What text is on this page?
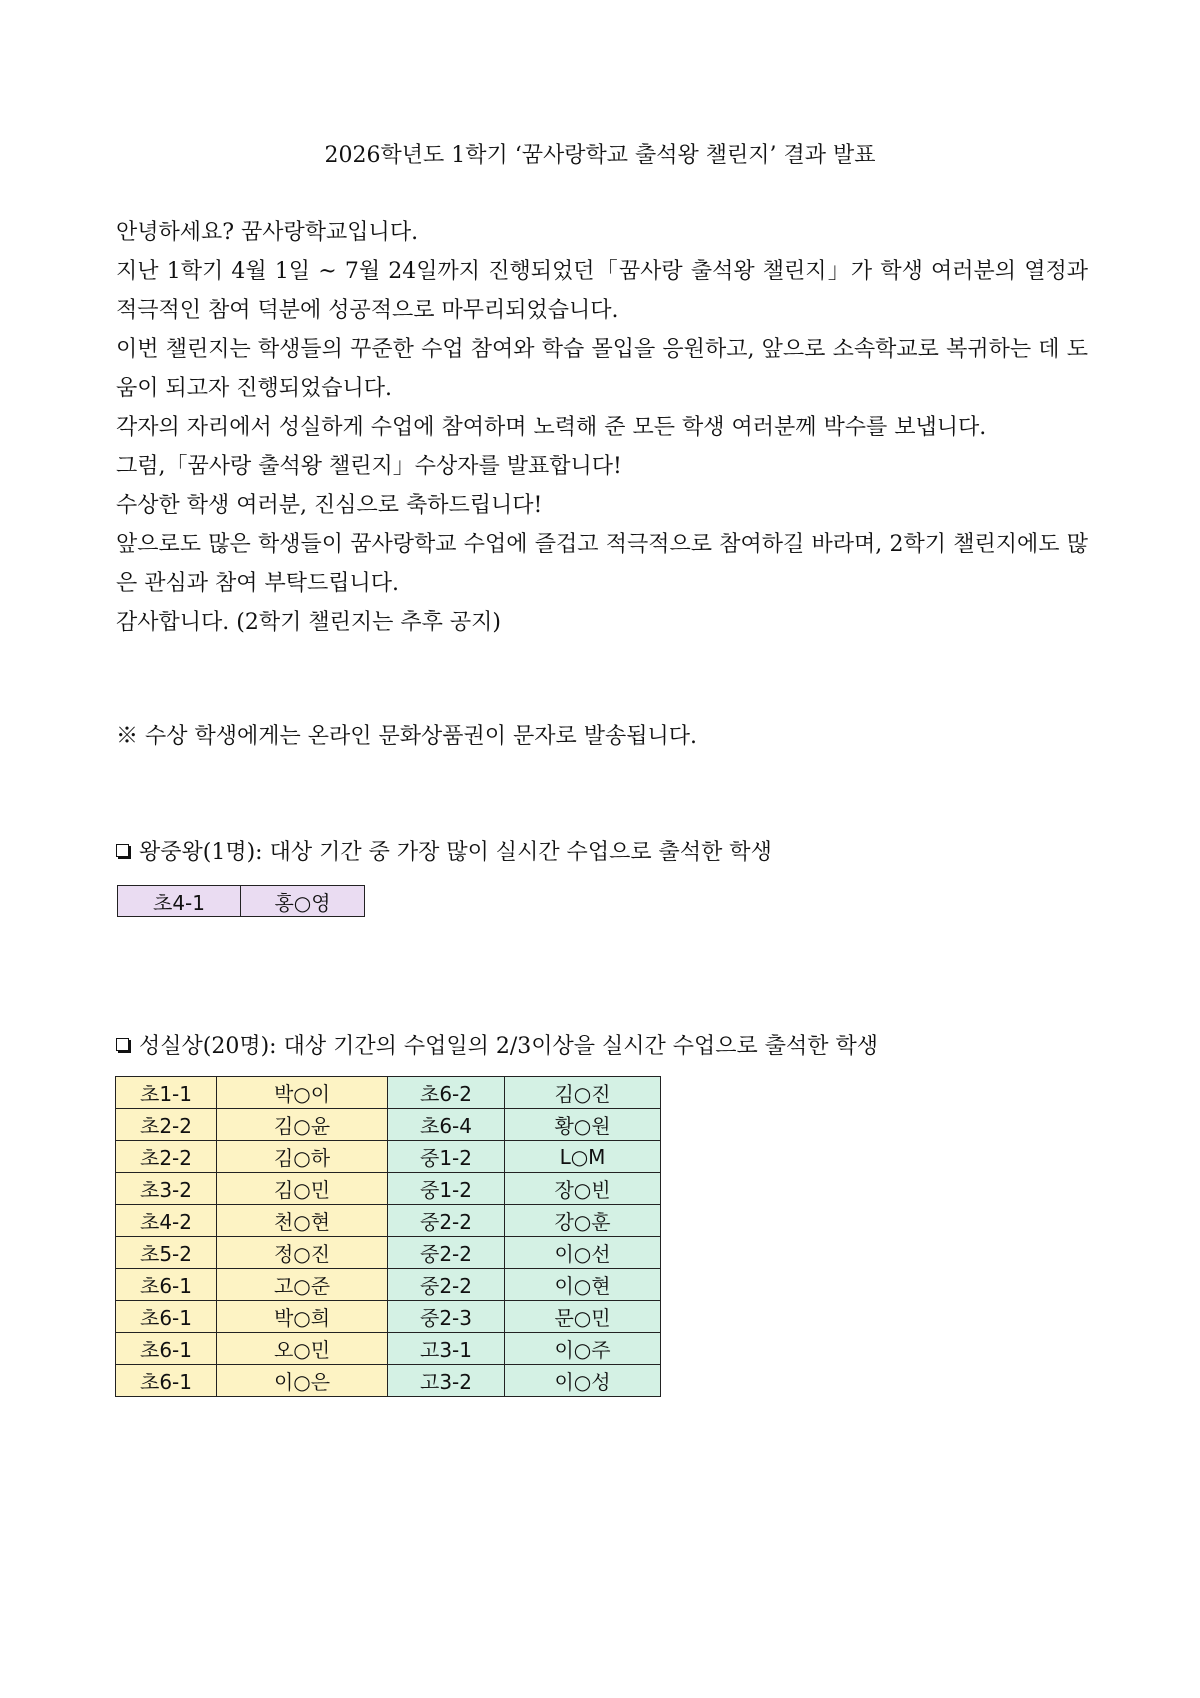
2026학년도 1학기 ‘꿈사랑학교 출석왕 챌린지’ 결과 발표

안녕하세요? 꿈사랑학교입니다.

지난 1학기 4월 1일 ~ 7월 24일까지 진행되었던「꿈사랑 출석왕 챌린지」가 학생 여러분의 열정과 적극적인 참여 덕분에 성공적으로 마무리되었습니다.

이번 챌린지는 학생들의 꾸준한 수업 참여와 학습 몰입을 응원하고, 앞으로 소속학교로 복귀하는 데 도움이 되고자 진행되었습니다.

각자의 자리에서 성실하게 수업에 참여하며 노력해 준 모든 학생 여러분께 박수를 보냅니다.

그럼,「꿈사랑 출석왕 챌린지」수상자를 발표합니다!

수상한 학생 여러분, 진심으로 축하드립니다!

앞으로도 많은 학생들이 꿈사랑학교 수업에 즐겁고 적극적으로 참여하길 바라며, 2학기 챌린지에도 많은 관심과 참여 부탁드립니다.

감사합니다. (2학기 챌린지는 추후 공지)

※ 수상 학생에게는 온라인 문화상품권이 문자로 발송됩니다.
왕중왕(1명): 대상 기간 중 가장 많이 실시간 수업으로 출석한 학생
초4-1	홍○영
성실상(20명): 대상 기간의 수업일의 2/3이상을 실시간 수업으로 출석한 학생
초1-1	박○이	초6-2	김○진
초2-2	김○윤	초6-4	황○원
초2-2	김○하	중1-2	L○M
초3-2	김○민	중1-2	장○빈
초4-2	천○현	중2-2	강○훈
초5-2	정○진	중2-2	이○선
초6-1	고○준	중2-2	이○현
초6-1	박○희	중2-3	문○민
초6-1	오○민	고3-1	이○주
초6-1	이○은	고3-2	이○성
